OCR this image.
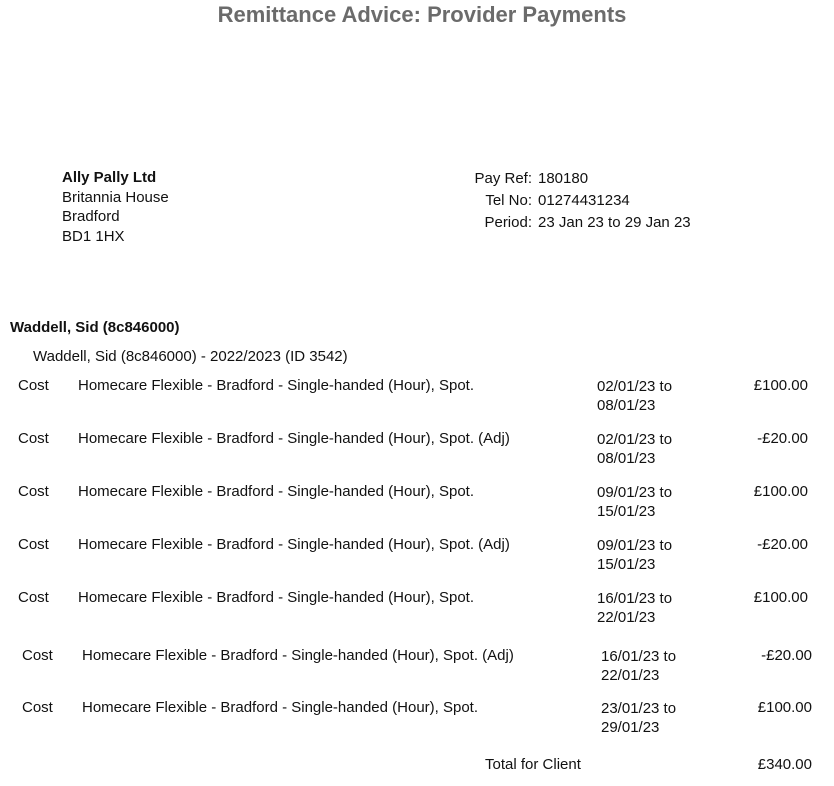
Remittance Advice: Provider Payments
Ally Pally Ltd
Britannia House
Bradford
BD1 1HX
Pay Ref: 180180
Tel No: 01274431234
Period: 23 Jan 23 to 29 Jan 23
Waddell, Sid (8c846000)
Waddell, Sid (8c846000) - 2022/2023 (ID 3542)
Cost Homecare Flexible - Bradford - Single-handed (Hour), Spot.	02/01/23 to
08/01/23
£100.00
Cost Homecare Flexible - Bradford - Single-handed (Hour), Spot. (Adj)	02/01/23 to
08/01/23
-£20.00
Cost Homecare Flexible - Bradford - Single-handed (Hour), Spot.	09/01/23 to
15/01/23
£100.00
Cost Homecare Flexible - Bradford - Single-handed (Hour), Spot. (Adj)	09/01/23 to
15/01/23
-£20.00
Cost Homecare Flexible - Bradford - Single-handed (Hour), Spot.	16/01/23 to
22/01/23
£100.00
Cost Homecare Flexible - Bradford - Single-handed (Hour), Spot. (Adj)	16/01/23 to
22/01/23
-£20.00
Cost Homecare Flexible - Bradford - Single-handed (Hour), Spot.	23/01/23 to
29/01/23
£100.00
Total for Client	£340.00
